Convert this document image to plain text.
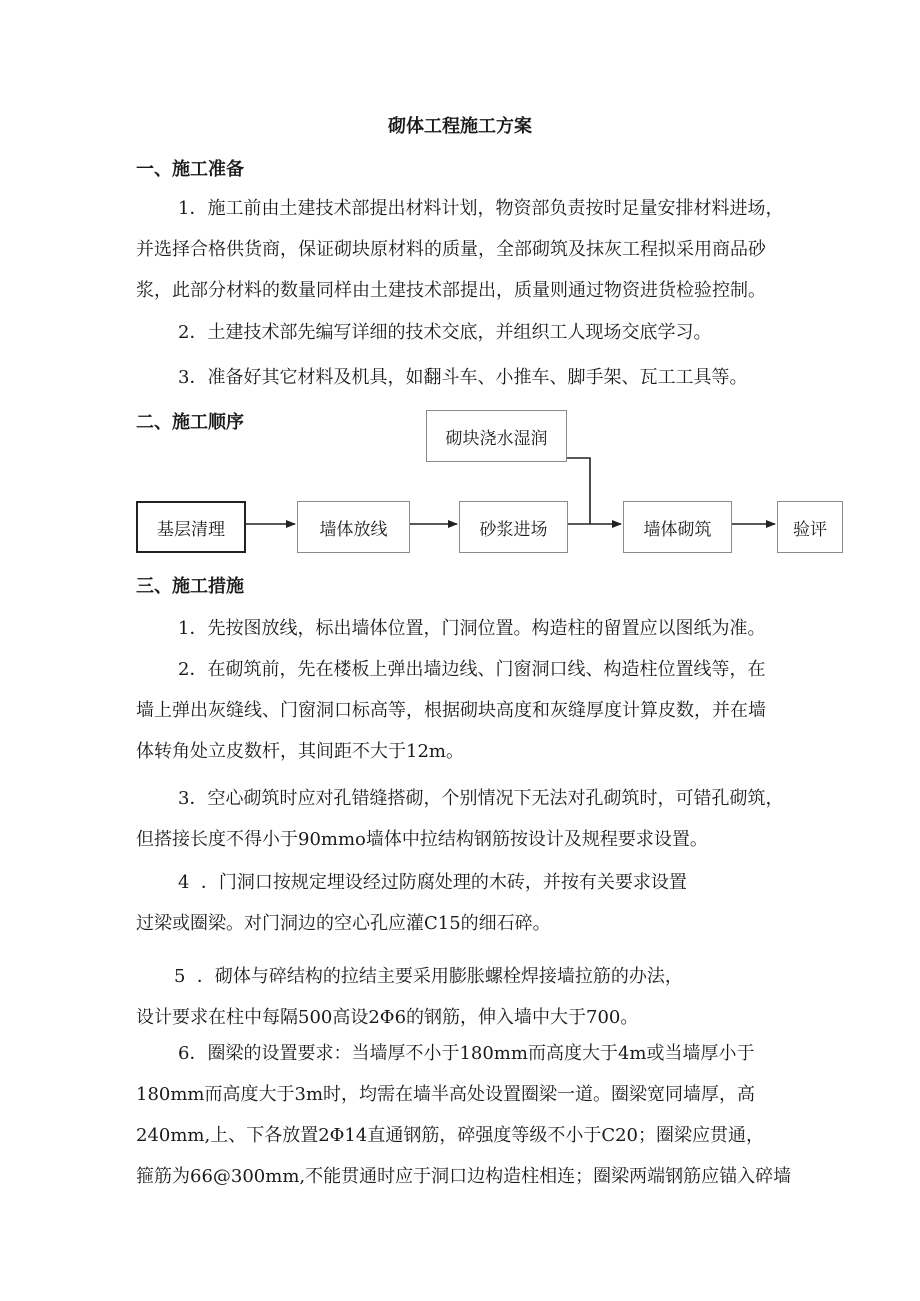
砌体工程施工方案
一、施工准备
1．施工前由土建技术部提出材料计划，物资部负责按时足量安排材料进场，
并选择合格供货商，保证砌块原材料的质量，全部砌筑及抹灰工程拟采用商品砂
浆，此部分材料的数量同样由土建技术部提出，质量则通过物资进货检验控制。
2．土建技术部先编写详细的技术交底，并组织工人现场交底学习。
3．准备好其它材料及机具，如翻斗车、小推车、脚手架、瓦工工具等。
二、施工顺序
砌块浇水湿润
基层清理	墙体放线	砂浆进场	墙体砌筑	验评
三、施工措施
1．先按图放线，标出墙体位置，门洞位置。构造柱的留置应以图纸为准。
2．在砌筑前，先在楼板上弹出墙边线、门窗洞口线、构造柱位置线等，在
墙上弹出灰缝线、门窗洞口标高等，根据砌块高度和灰缝厚度计算皮数，并在墙
体转角处立皮数杆，其间距不大于12m。
3．空心砌筑时应对孔错缝搭砌，个别情况下无法对孔砌筑时，可错孔砌筑，
但搭接长度不得小于90mmo墙体中拉结构钢筋按设计及规程要求设置。
4  ．门洞口按规定埋设经过防腐处理的木砖，并按有关要求设置
过梁或圈梁。对门洞边的空心孔应灌C15的细石碎。
5  ．砌体与碎结构的拉结主要采用膨胀螺栓焊接墙拉筋的办法，
设计要求在柱中每隔500高设2Φ6的钢筋，伸入墙中大于700。
6．圈梁的设置要求：当墙厚不小于180mm而高度大于4m或当墙厚小于
180mm而高度大于3m时，均需在墙半高处设置圈梁一道。圈梁宽同墙厚，高
240mm,上、下各放置2Φ14直通钢筋，碎强度等级不小于C20；圈梁应贯通，
箍筋为66@300mm,不能贯通时应于洞口边构造柱相连；圈梁两端钢筋应锚入碎墙
